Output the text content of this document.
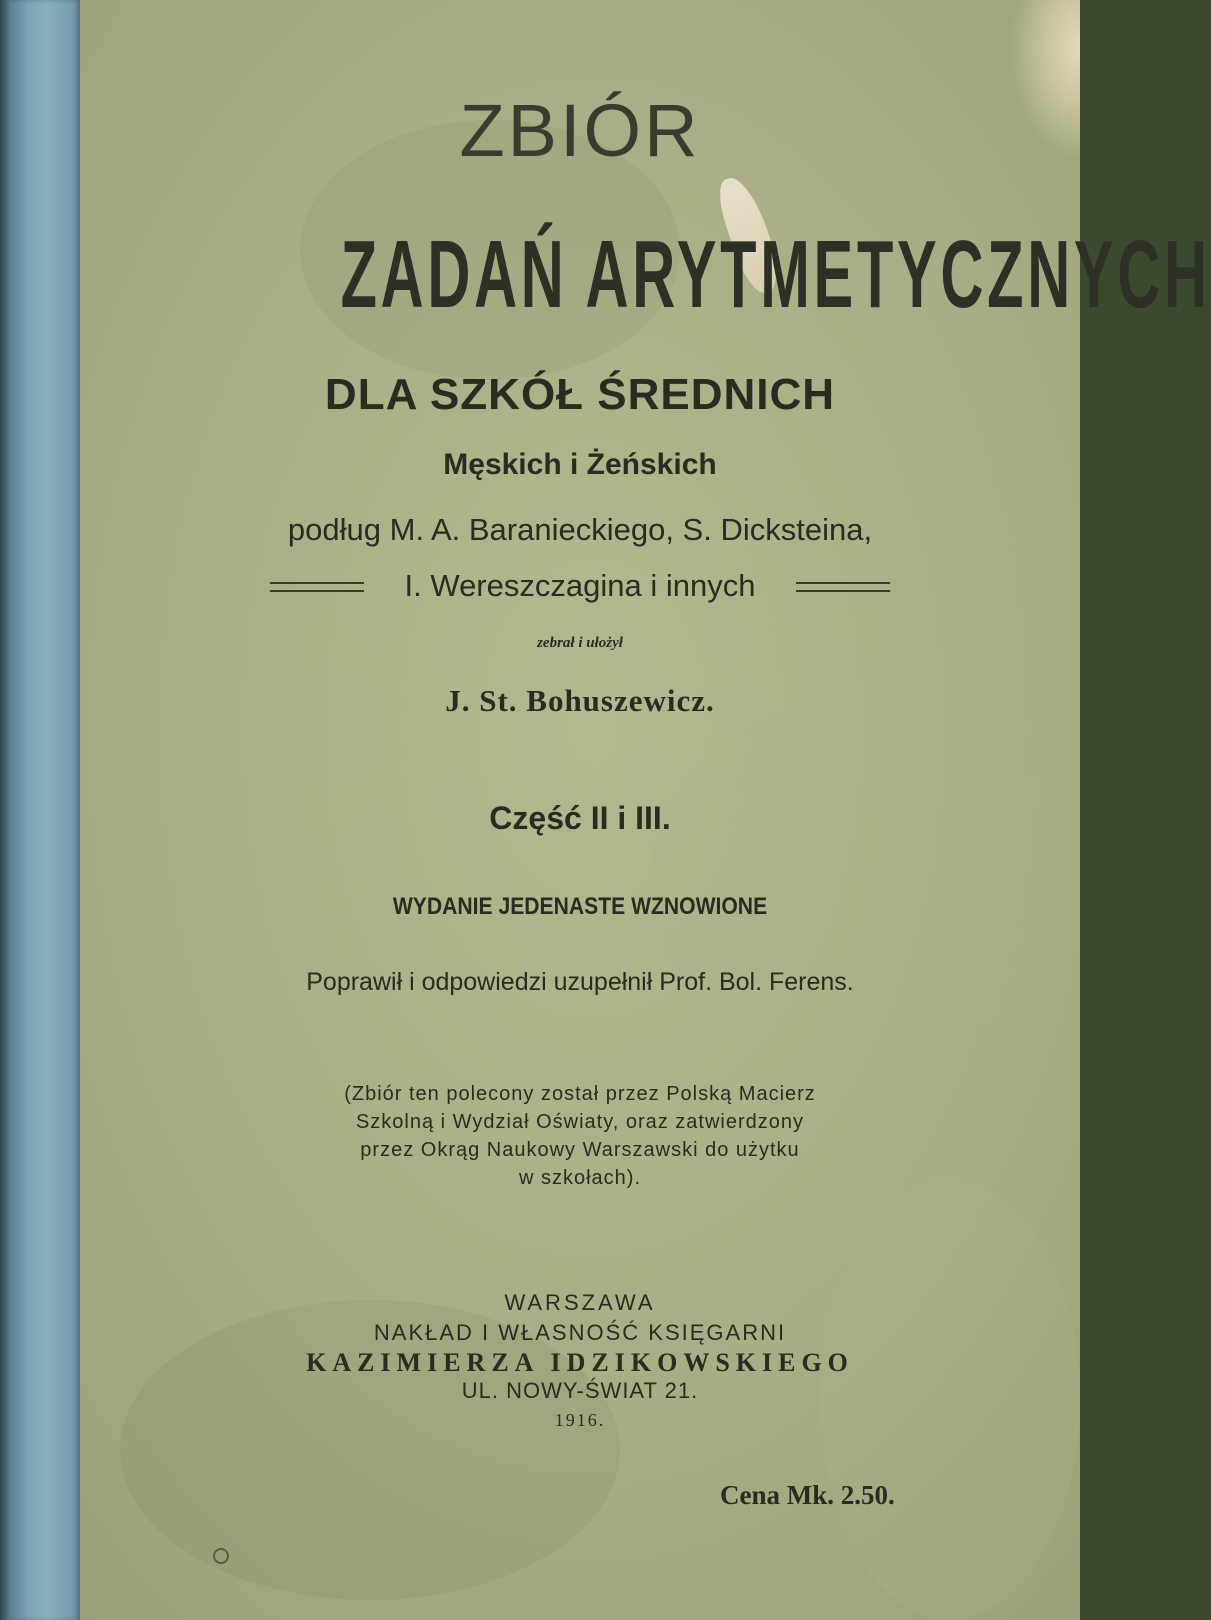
ZBIÓR
ZADAŃ ARYTMETYCZNYCH
DLA SZKÓŁ ŚREDNICH
Męskich i Żeńskich
podług M. A. Baranieckiego, S. Dicksteina,
I. Wereszczagina i innych
zebrał i ułożył
J. St. Bohuszewicz.
Część II i III.
WYDANIE JEDENASTE WZNOWIONE
Poprawił i odpowiedzi uzupełnił Prof. Bol. Ferens.
(Zbiór ten polecony został przez Polską Macierz
Szkolną i Wydział Oświaty, oraz zatwierdzony
przez Okrąg Naukowy Warszawski do użytku
w szkołach).
WARSZAWA
NAKŁAD I WŁASNOŚĆ KSIĘGARNI
KAZIMIERZA IDZIKOWSKIEGO
UL. NOWY-ŚWIAT 21.
1916.
Cena Mk. 2.50.
